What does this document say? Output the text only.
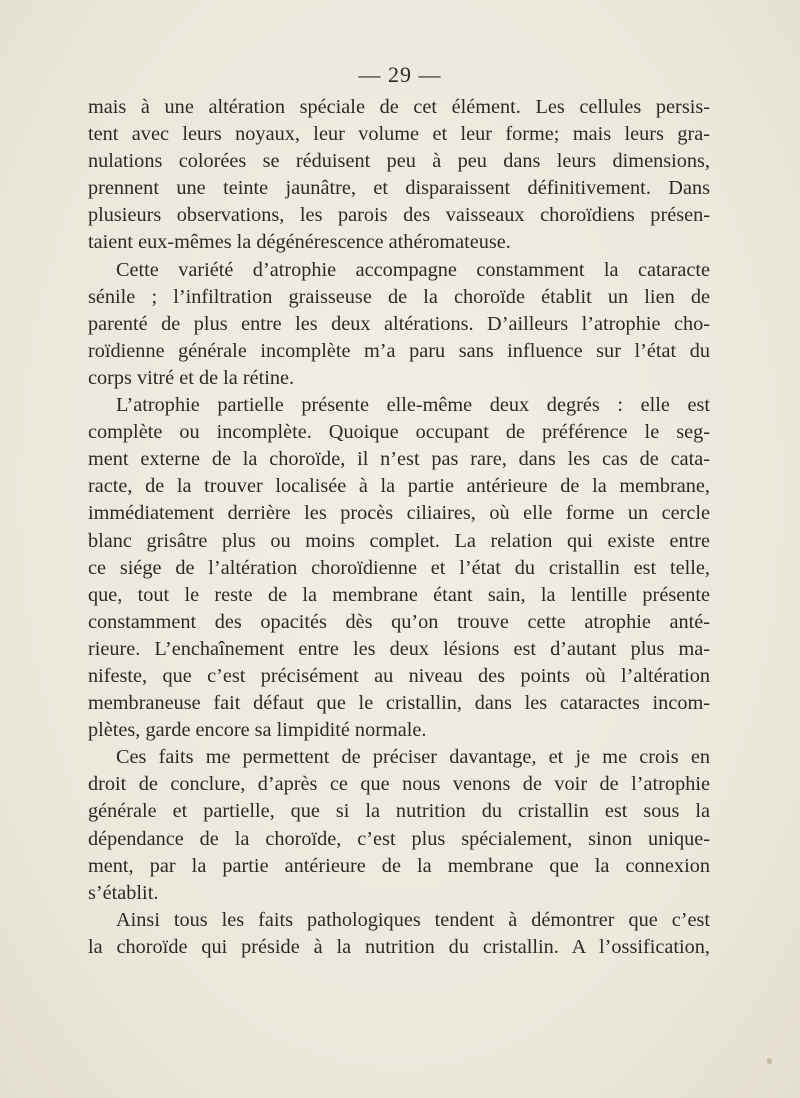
— 29 —
mais à une altération spéciale de cet élément. Les cellules persis-
tent avec leurs noyaux, leur volume et leur forme; mais leurs gra-
nulations colorées se réduisent peu à peu dans leurs dimensions,
prennent une teinte jaunâtre, et disparaissent définitivement. Dans
plusieurs observations, les parois des vaisseaux choroïdiens présen-
taient eux-mêmes la dégénérescence athéromateuse.
Cette variété d’atrophie accompagne constamment la cataracte
sénile ; l’infiltration graisseuse de la choroïde établit un lien de
parenté de plus entre les deux altérations. D’ailleurs l’atrophie cho-
roïdienne générale incomplète m’a paru sans influence sur l’état du
corps vitré et de la rétine.
L’atrophie partielle présente elle-même deux degrés : elle est
complète ou incomplète. Quoique occupant de préférence le seg-
ment externe de la choroïde, il n’est pas rare, dans les cas de cata-
racte, de la trouver localisée à la partie antérieure de la membrane,
immédiatement derrière les procès ciliaires, où elle forme un cercle
blanc grisâtre plus ou moins complet. La relation qui existe entre
ce siége de l’altération choroïdienne et l’état du cristallin est telle,
que, tout le reste de la membrane étant sain, la lentille présente
constamment des opacités dès qu’on trouve cette atrophie anté-
rieure. L’enchaînement entre les deux lésions est d’autant plus ma-
nifeste, que c’est précisément au niveau des points où l’altération
membraneuse fait défaut que le cristallin, dans les cataractes incom-
plètes, garde encore sa limpidité normale.
Ces faits me permettent de préciser davantage, et je me crois en
droit de conclure, d’après ce que nous venons de voir de l’atrophie
générale et partielle, que si la nutrition du cristallin est sous la
dépendance de la choroïde, c’est plus spécialement, sinon unique-
ment, par la partie antérieure de la membrane que la connexion
s’établit.
Ainsi tous les faits pathologiques tendent à démontrer que c’est
la choroïde qui préside à la nutrition du cristallin. A l’ossification,
